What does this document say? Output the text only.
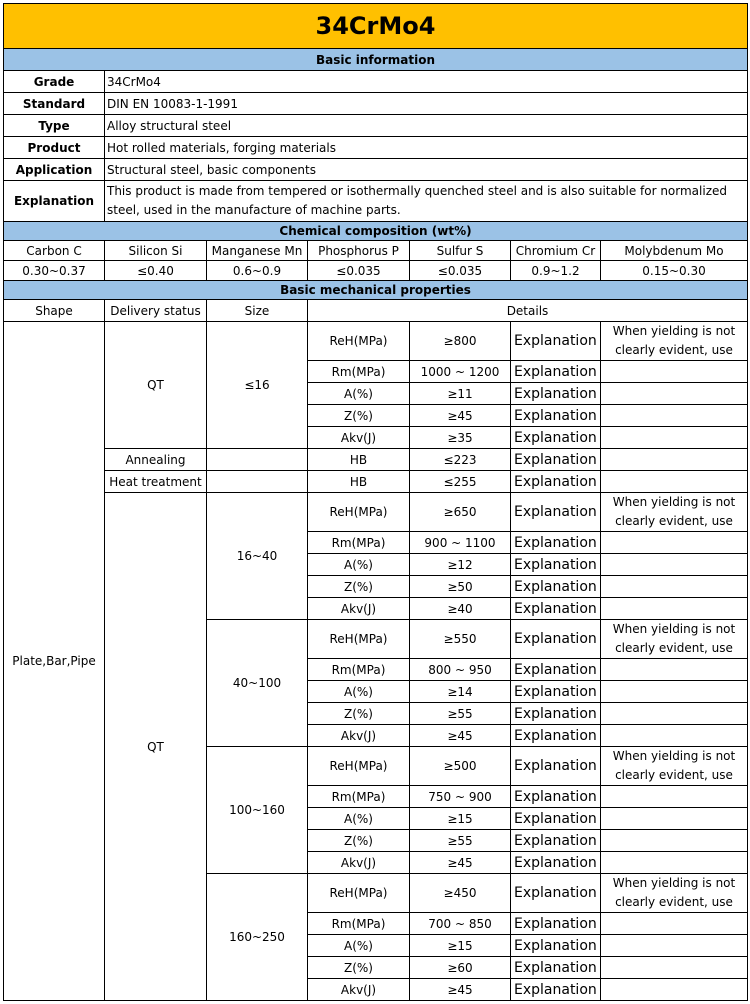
34CrMo4						
Basic information						
Grade	34CrMo4					
Standard	DIN EN 10083-1-1991					
Type	Alloy structural steel					
Product	Hot rolled materials, forging materials					
Application	Structural steel, basic components					
Explanation	This product is made from tempered or isothermally quenched steel and is also suitable for normalized steel, used in the manufacture of machine parts.					
Chemical composition (wt%)						
Carbon C	Silicon Si	Manganese Mn	Phosphorus P	Sulfur S	Chromium Cr	Molybdenum Mo
0.30~0.37	≤0.40	0.6~0.9	≤0.035	≤0.035	0.9~1.2	0.15~0.30
Basic mechanical properties						
Shape	Delivery status	Size	Details			
Plate,Bar,Pipe	QT	≤16	ReH(MPa)	≥800	Explanation	When yielding is not clearly evident, use
			Rm(MPa)	1000 ~ 1200	Explanation	
			A(%)	≥11	Explanation	
			Z(%)	≥45	Explanation	
			Akv(J)	≥35	Explanation	
	Annealing		HB	≤223	Explanation	
	Heat treatment		HB	≤255	Explanation	
	QT	16~40	ReH(MPa)	≥650	Explanation	When yielding is not clearly evident, use
			Rm(MPa)	900 ~ 1100	Explanation	
			A(%)	≥12	Explanation	
			Z(%)	≥50	Explanation	
			Akv(J)	≥40	Explanation	
		40~100	ReH(MPa)	≥550	Explanation	When yielding is not clearly evident, use
			Rm(MPa)	800 ~ 950	Explanation	
			A(%)	≥14	Explanation	
			Z(%)	≥55	Explanation	
			Akv(J)	≥45	Explanation	
		100~160	ReH(MPa)	≥500	Explanation	When yielding is not clearly evident, use
			Rm(MPa)	750 ~ 900	Explanation	
			A(%)	≥15	Explanation	
			Z(%)	≥55	Explanation	
			Akv(J)	≥45	Explanation	
		160~250	ReH(MPa)	≥450	Explanation	When yielding is not clearly evident, use
			Rm(MPa)	700 ~ 850	Explanation	
			A(%)	≥15	Explanation	
			Z(%)	≥60	Explanation	
			Akv(J)	≥45	Explanation	
